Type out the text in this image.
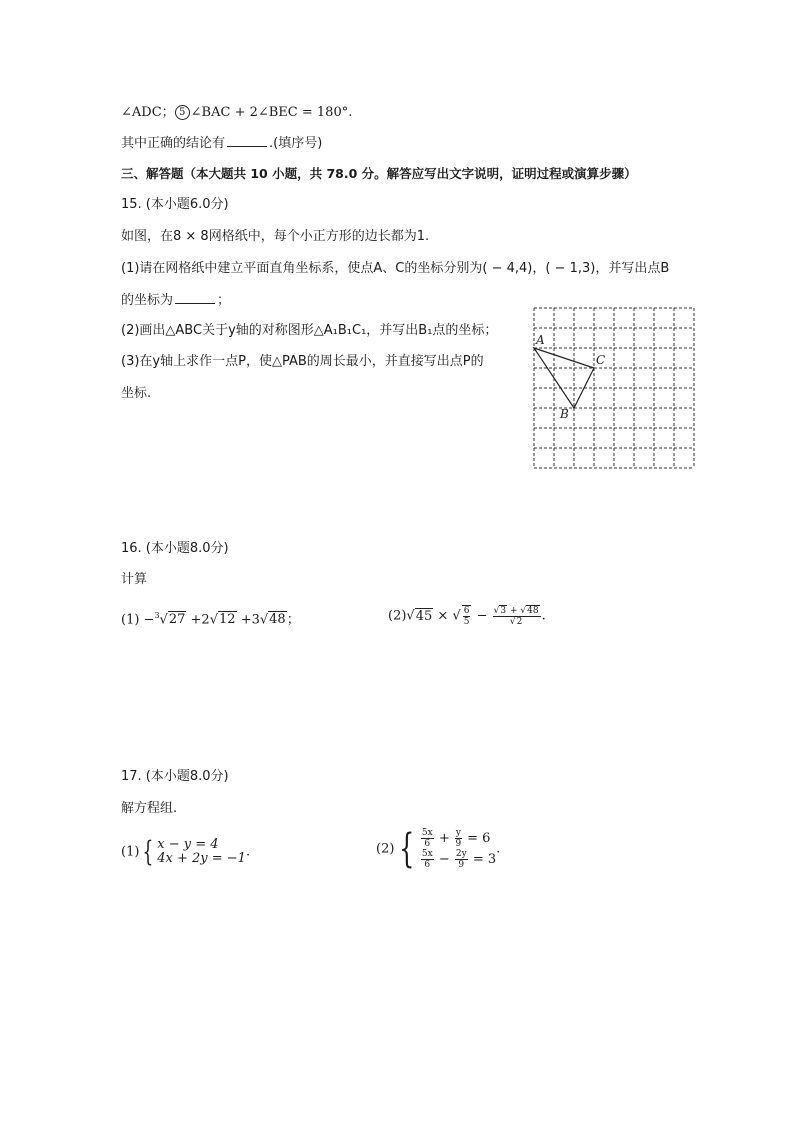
∠ADC； 5 ∠BAC + 2∠BEC = 180°.
其中正确的结论有	.(填序号)
三、解答题（本大题共 10 小题，共 78.0 分。解答应写出文字说明，证明过程或演算步骤）
15. (本小题6.0分)
如图，在8 × 8网格纸中，每个小正方形的边长都为1.
(1)请在网格纸中建立平面直角坐标系，使点A、C的坐标分别为( − 4,4)，( − 1,3)，并写出点B
的坐标为	；
(2)画出△ABC关于y轴的对称图形△A₁B₁C₁，并写出B₁点的坐标；
(3)在y轴上求作一点P，使△PAB的周长最小，并直接写出点P的
坐标.
A
C
B
16. (本小题8.0分)
计算
(1) −$^3$√27 +2√12 +3√48；	(2)√45 × √ $\frac{6}{5} - \frac{√3 + √48}{√2}$ .
17. (本小题8.0分)
解方程组.
(1) { x − y = 4
4x + 2y = −1 .	(2) { $\frac{5x}{6} + \frac{y}{9} = 6$
$\frac{5x}{6} - \frac{2y}{9} = 3$
.
